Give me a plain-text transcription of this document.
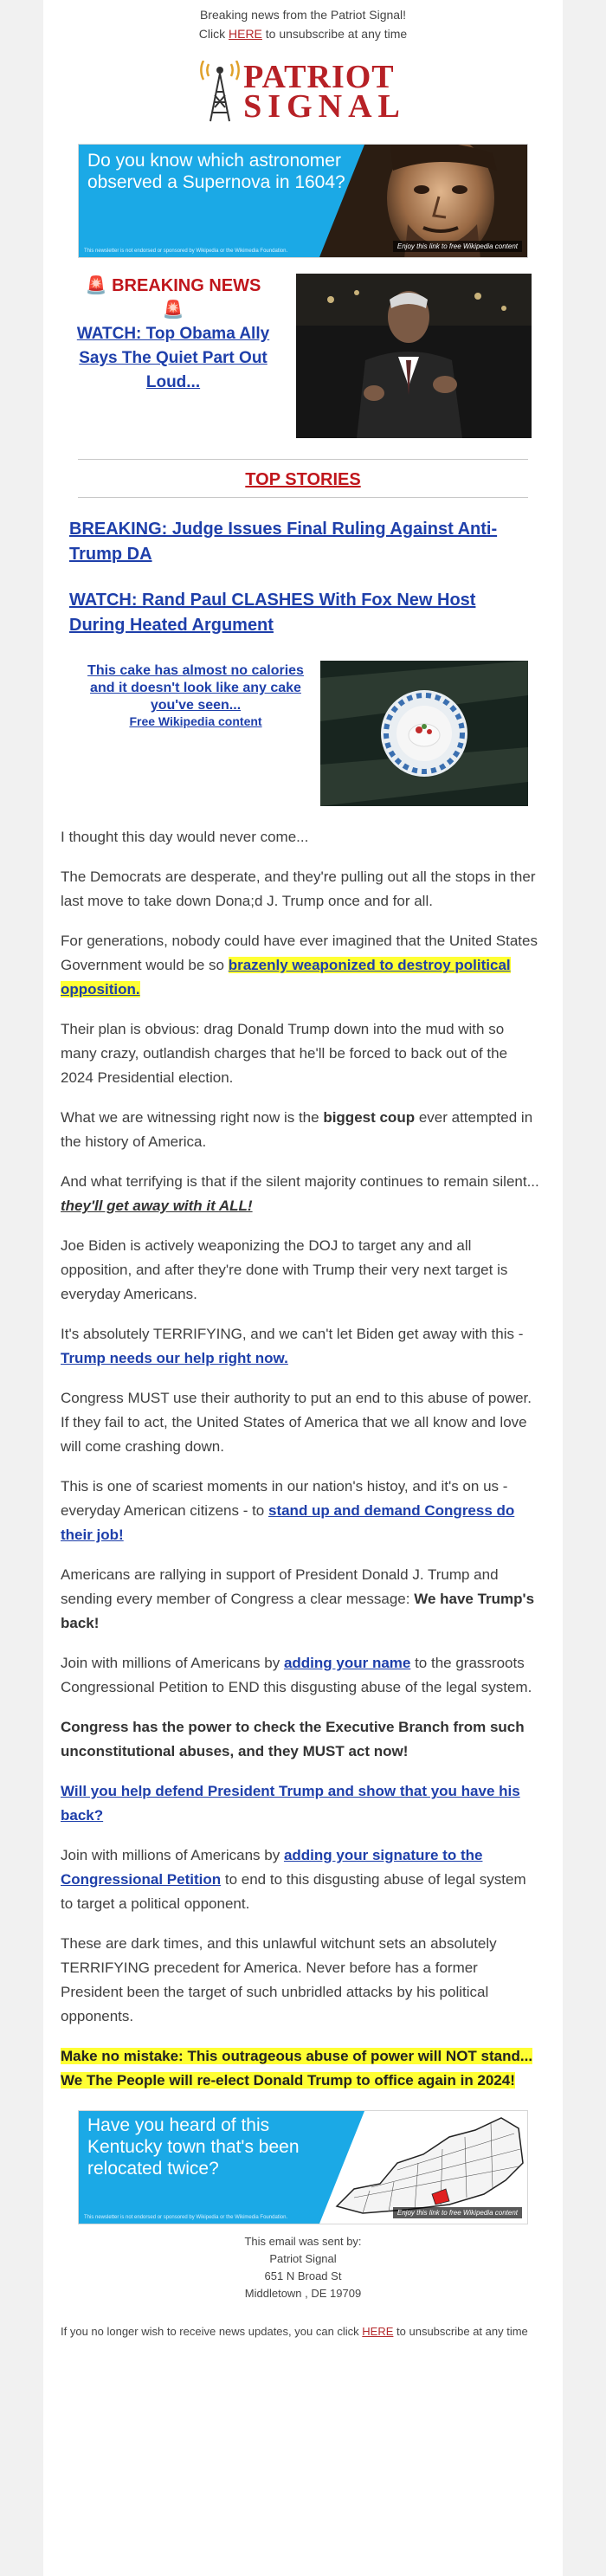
Breaking news from the Patriot Signal!
Click HERE to unsubscribe at any time
PATRIOT
SIGNAL
Do you know which astronomer observed a Supernova in 1604?
This newsletter is not endorsed or sponsored by Wikipedia or the Wikimedia Foundation.
Enjoy this link to free Wikipedia content
🚨 BREAKING NEWS 🚨
WATCH: Top Obama Ally Says The Quiet Part Out Loud...
TOP STORIES
BREAKING: Judge Issues Final Ruling Against Anti-Trump DA
WATCH: Rand Paul CLASHES With Fox New Host During Heated Argument
This cake has almost no calories and it doesn't look like any cake you've seen...
Free Wikipedia content

I thought this day would never come...

The Democrats are desperate, and they're pulling out all the stops in ther last move to take down Dona;d J. Trump once and for all.

For generations, nobody could have ever imagined that the United States Government would be so brazenly weaponized to destroy political opposition.

Their plan is obvious: drag Donald Trump down into the mud with so many crazy, outlandish charges that he'll be forced to back out of the 2024 Presidential election.

What we are witnessing right now is the biggest coup ever attempted in the history of America.

And what terrifying is that if the silent majority continues to remain silent... they'll get away with it ALL!

Joe Biden is actively weaponizing the DOJ to target any and all opposition, and after they're done with Trump their very next target is everyday Americans.

It's absolutely TERRIFYING, and we can't let Biden get away with this - Trump needs our help right now.

Congress MUST use their authority to put an end to this abuse of power. If they fail to act, the United States of America that we all know and love will come crashing down.

This is one of scariest moments in our nation's histoy, and it's on us - everyday American citizens - to stand up and demand Congress do their job!

Americans are rallying in support of President Donald J. Trump and sending every member of Congress a clear message: We have Trump's back!

Join with millions of Americans by adding your name to the grassroots Congressional Petition to END this disgusting abuse of the legal system.

Congress has the power to check the Executive Branch from such unconstitutional abuses, and they MUST act now!

Will you help defend President Trump and show that you have his back?

Join with millions of Americans by adding your signature to the Congressional Petition to end to this disgusting abuse of legal system to target a political opponent.

These are dark times, and this unlawful witchunt sets an absolutely TERRIFYING precedent for America. Never before has a former President been the target of such unbridled attacks by his political opponents.

Make no mistake: This outrageous abuse of power will NOT stand... We The People will re-elect Donald Trump to office again in 2024!

Have you heard of this Kentucky town that's been relocated twice?
This newsletter is not endorsed or sponsored by Wikipedia or the Wikimedia Foundation.
Enjoy this link to free Wikipedia content
This email was sent by:
Patriot Signal
651 N Broad St
Middletown , DE 19709
If you no longer wish to receive news updates, you can click HERE to unsubscribe at any time
